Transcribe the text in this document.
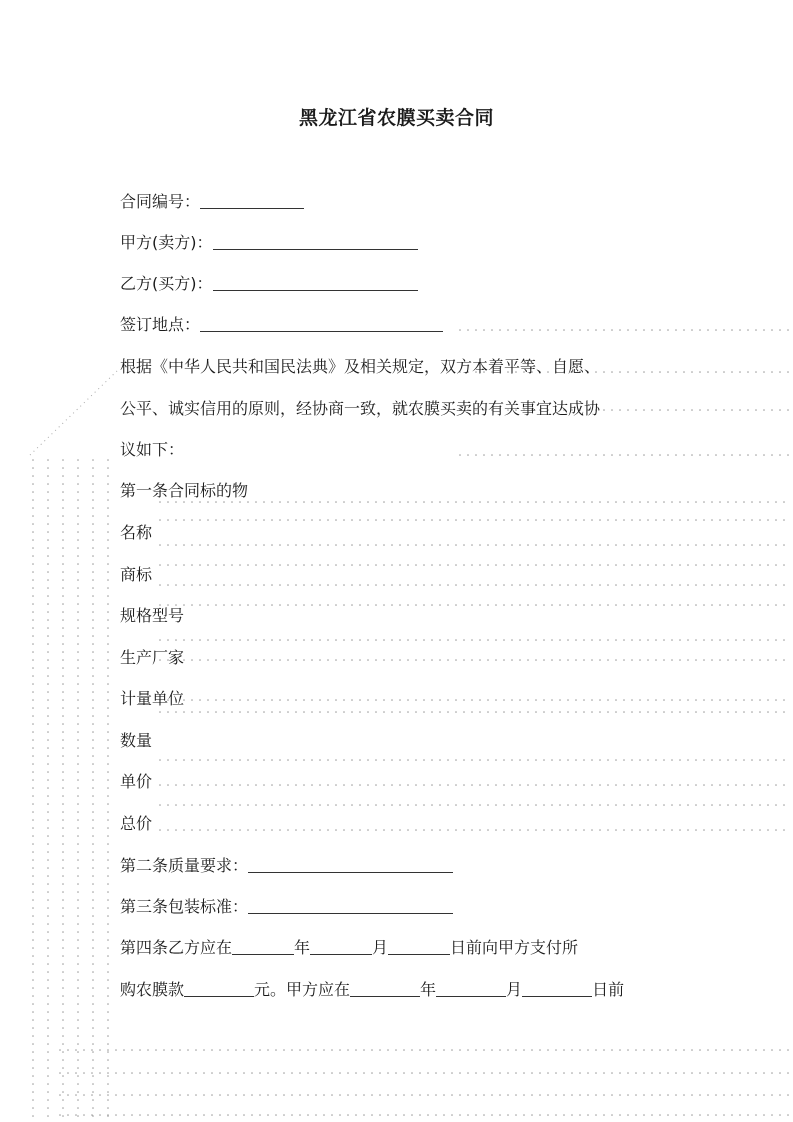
黑龙江省农膜买卖合同
合同编号：
甲方(卖方)：
乙方(买方)：
签订地点：
根据《中华人民共和国民法典》及相关规定，双方本着平等、自愿、
公平、诚实信用的原则，经协商一致，就农膜买卖的有关事宜达成协
议如下：
第一条合同标的物
名称
商标
规格型号
生产厂家
计量单位
数量
单价
总价
第二条质量要求：
第三条包装标准：
第四条乙方应在	年	月	日前向甲方支付所
购农膜款	元。甲方应在	年	月	日前
